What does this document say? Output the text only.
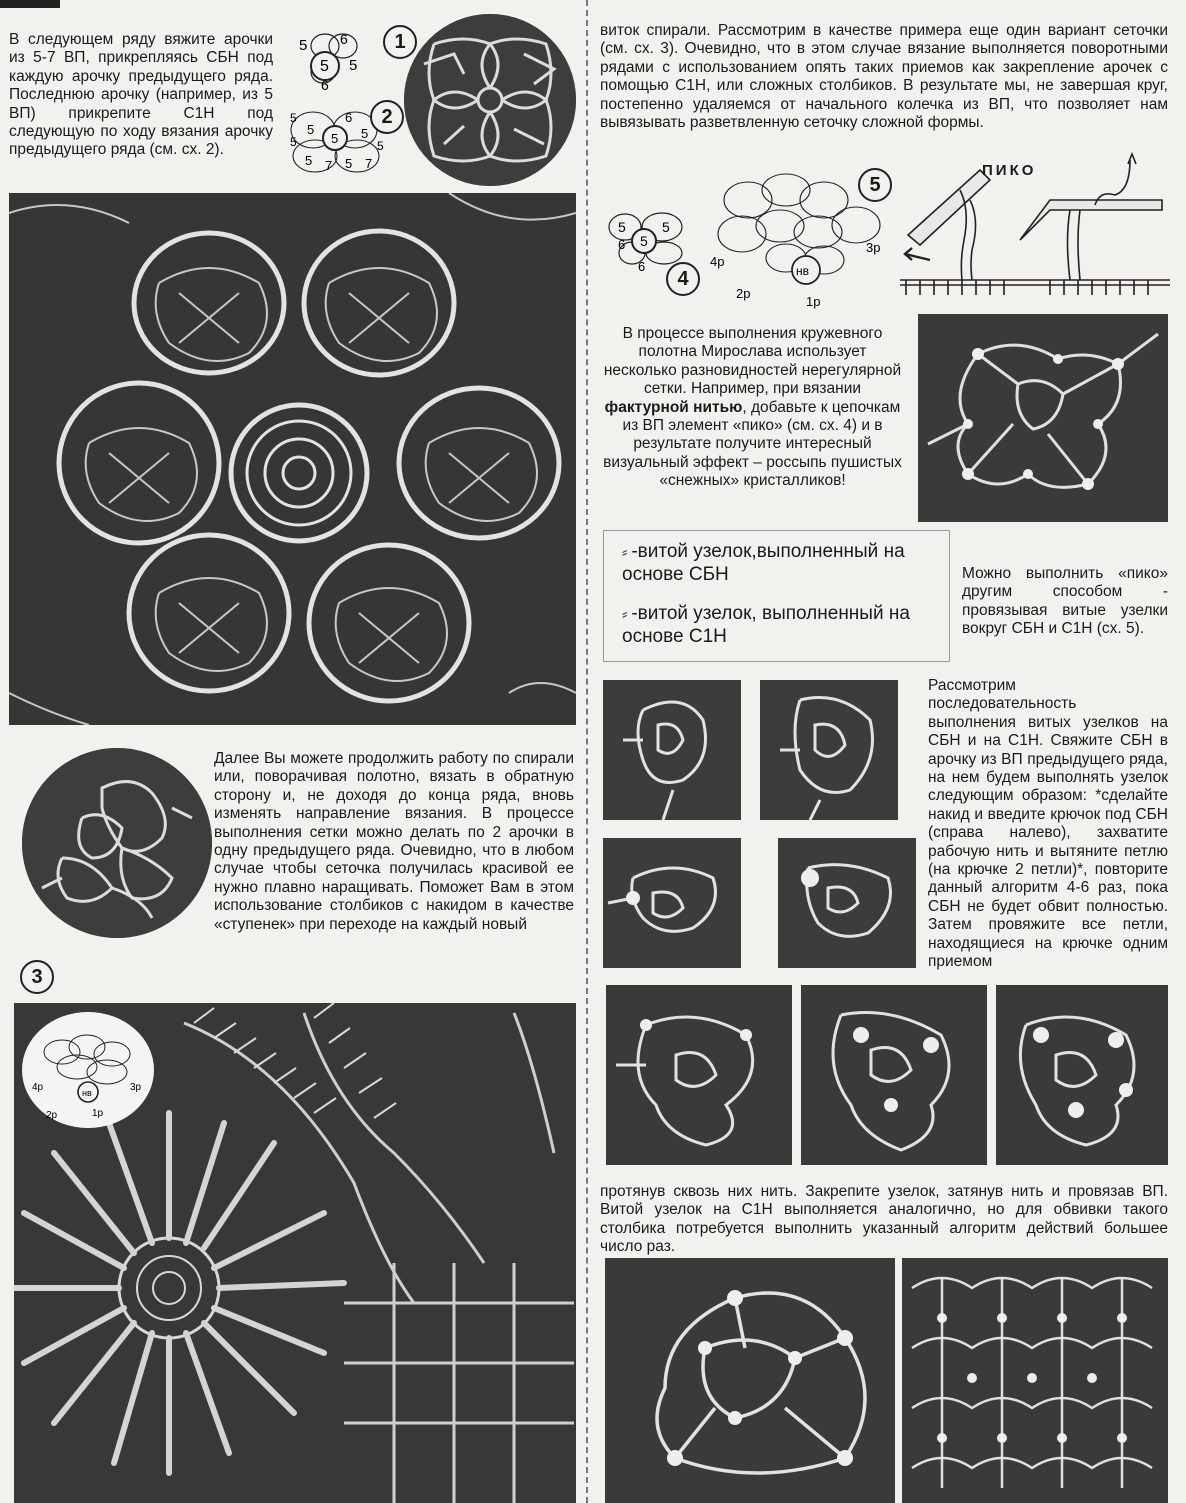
В следующем ряду вяжите арочки из 5-7 ВП, прикрепляясь СБН под каждую арочку предыдущего ряда. Последнюю арочку (например, из 5 ВП) прикрепите С1Н под следующую по ходу вязания арочку предыдущего ряда (см. сх. 2).
5
5
6
5
6
1
5
5
5
6
5
5
5 7 5 7
5
2
3
Далее Вы можете продолжить работу по спирали или, поворачивая полотно, вязать в обратную сторону и, не доходя до конца ряда, вновь изменять направление вязания. В процессе выполнения сетки можно делать по 2 арочки в одну предыдущего ряда. Очевидно, что в любом случае чтобы сеточка получилась красивой ее нужно плавно наращивать. Поможет Вам в этом использование столбиков с накидом в качестве «ступенек» при переходе на каждый новый
нв
4р
2р	1р
3р
виток спирали. Рассмотрим в качестве примера еще один вариант сеточки (см. сх. 3). Очевидно, что в этом случае вязание выполняется поворотными рядами с использованием опять таких приемов как закрепление арочек с помощью С1Н, или сложных столбиков. В результате мы, не завершая круг, постепенно удаляемся от начального колечка из ВП, что позволяет нам вывязывать разветвленную сеточку сложной формы.
5
5
5
6
6
4	нв
4р
2р
1р
3р
5
ПИКО
В процессе выполнения кружевного полотна Мирослава использует несколько разновидностей нерегулярной сетки. Например, при вязании фактурной нитью, добавьте к цепочкам из ВП элемент «пико» (см. сх. 4) и в результате получите интересный визуальный эффект – россыпь пушистых «снежных» кристалликов!
⸗ -витой узелок,выполненный на основе СБН
⸗ -витой узелок, выполненный на основе С1Н
Можно выполнить «пико» другим способом - провязывая витые узелки вокруг СБН и С1Н (сх. 5).
Рассмотрим последовательность выполнения витых узелков на СБН и на С1Н. Свяжите СБН в арочку из ВП предыдущего ряда, на нем будем выполнять узелок следующим образом: *сделайте накид и введите крючок под СБН (справа налево), захватите рабочую нить и вытяните петлю (на крючке 2 петли)*, повторите данный алгоритм 4-6 раз, пока СБН не будет обвит полностью. Затем провяжите все петли, находящиеся на крючке одним приемом
протянув сквозь них нить. Закрепите узелок, затянув нить и провязав ВП. Витой узелок на С1Н выполняется аналогично, но для обвивки такого столбика потребуется выполнить указанный алгоритм действий большее число раз.
